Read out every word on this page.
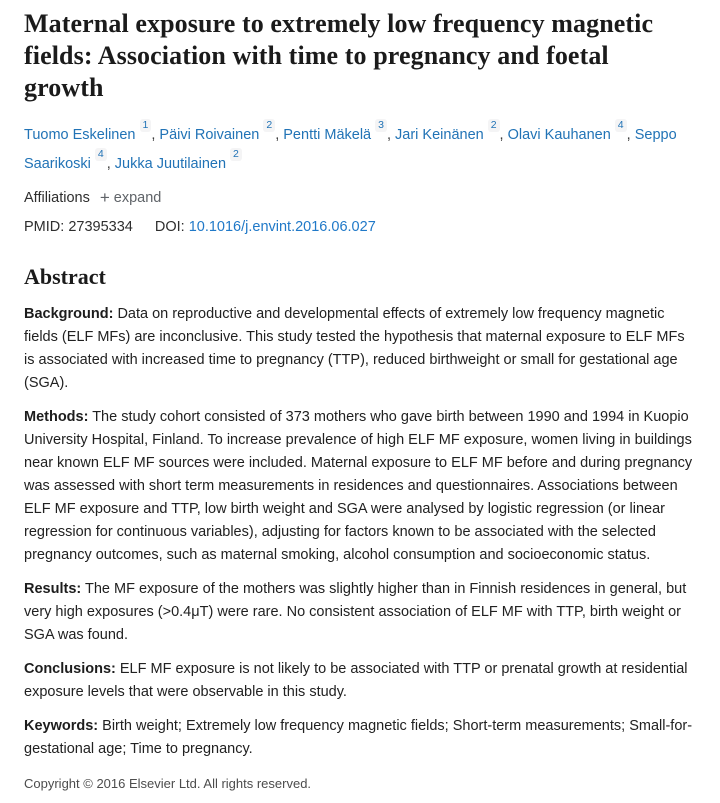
Maternal exposure to extremely low frequency magnetic fields: Association with time to pregnancy and foetal growth
Tuomo Eskelinen$^1$, Päivi Roivainen$^2$, Pentti Mäkelä$^3$, Jari Keinänen$^2$, Olavi Kauhanen$^4$, Seppo Saarikoski$^4$, Jukka Juutilainen$^2$
Affiliations + expand
PMID: 27395334 DOI: 10.1016/j.envint.2016.06.027
Abstract

Background: Data on reproductive and developmental effects of extremely low frequency magnetic fields (ELF MFs) are inconclusive. This study tested the hypothesis that maternal exposure to ELF MFs is associated with increased time to pregnancy (TTP), reduced birthweight or small for gestational age (SGA).

Methods: The study cohort consisted of 373 mothers who gave birth between 1990 and 1994 in Kuopio University Hospital, Finland. To increase prevalence of high ELF MF exposure, women living in buildings near known ELF MF sources were included. Maternal exposure to ELF MF before and during pregnancy was assessed with short term measurements in residences and questionnaires. Associations between ELF MF exposure and TTP, low birth weight and SGA were analysed by logistic regression (or linear regression for continuous variables), adjusting for factors known to be associated with the selected pregnancy outcomes, such as maternal smoking, alcohol consumption and socioeconomic status.

Results: The MF exposure of the mothers was slightly higher than in Finnish residences in general, but very high exposures (>0.4μT) were rare. No consistent association of ELF MF with TTP, birth weight or SGA was found.

Conclusions: ELF MF exposure is not likely to be associated with TTP or prenatal growth at residential exposure levels that were observable in this study.

Keywords: Birth weight; Extremely low frequency magnetic fields; Short-term measurements; Small-for-gestational age; Time to pregnancy.

Copyright © 2016 Elsevier Ltd. All rights reserved.
